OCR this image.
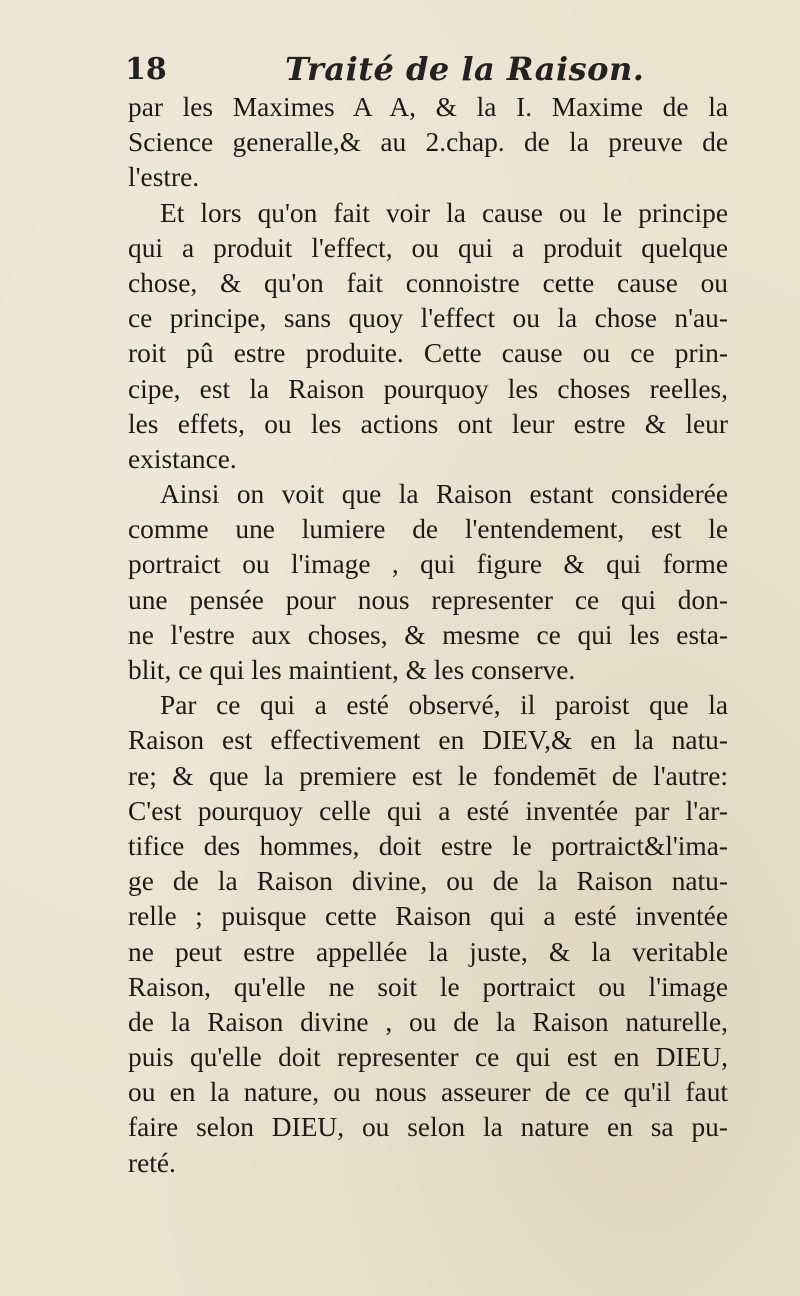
18	Traité de la Raison.
par les Maximes A A, & la I. Maxime de la
Science generalle,& au 2.chap. de la preuve de
l'estre.
Et lors qu'on fait voir la cause ou le principe
qui a produit l'effect, ou qui a produit quelque
chose, & qu'on fait connoistre cette cause ou
ce principe, sans quoy l'effect ou la chose n'au-
roit pû estre produite. Cette cause ou ce prin-
cipe, est la Raison pourquoy les choses reelles,
les effets, ou les actions ont leur estre & leur
existance.
Ainsi on voit que la Raison estant considerée
comme une lumiere de l'entendement, est le
portraict ou l'image , qui figure & qui forme
une pensée pour nous representer ce qui don-
ne l'estre aux choses, & mesme ce qui les esta-
blit, ce qui les maintient, & les conserve.
Par ce qui a esté observé, il paroist que la
Raison est effectivement en DIEV,& en la natu-
re; & que la premiere est le fondemēt de l'autre:
C'est pourquoy celle qui a esté inventée par l'ar-
tifice des hommes, doit estre le portraict&l'ima-
ge de la Raison divine, ou de la Raison natu-
relle ; puisque cette Raison qui a esté inventée
ne peut estre appellée la juste, & la veritable
Raison, qu'elle ne soit le portraict ou l'image
de la Raison divine , ou de la Raison naturelle,
puis qu'elle doit representer ce qui est en DIEU,
ou en la nature, ou nous asseurer de ce qu'il faut
faire selon DIEU, ou selon la nature en sa pu-
reté.
